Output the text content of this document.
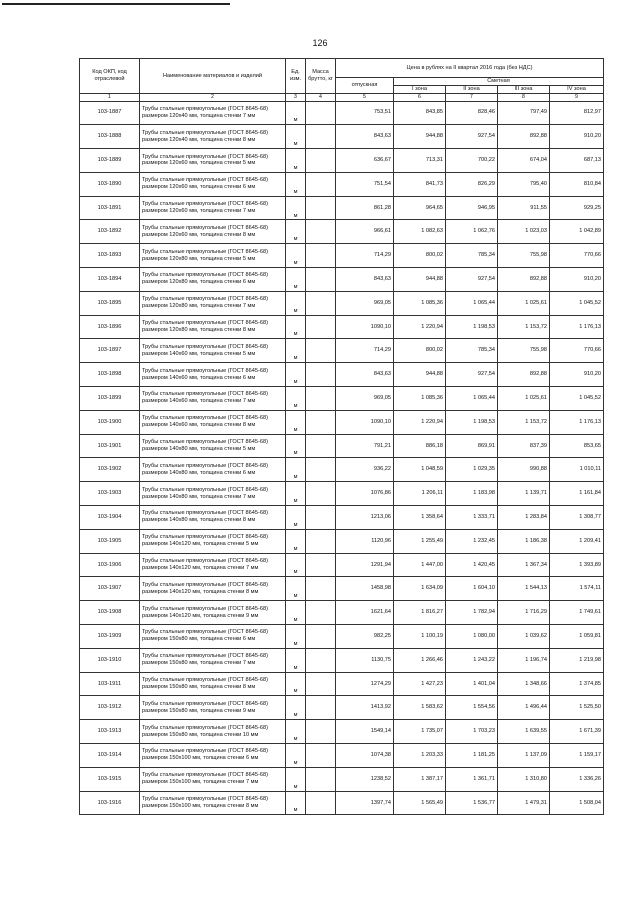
126
Код ОКП, код отраслевой	Наименование материалов и изделий	Ед. изм.	Масса брутто, кг	Цена в рублях на II квартал 2016 года (без НДС)				
				отпускная	Сметная			
					I зона	II зона	III зона	IV зона
1	2	3	4	5	6	7	8	9
103-1887	Трубы стальные прямоугольные (ГОСТ 8645-68) размером 120х40 мм, толщина стенки 7 мм	м		753,51	843,85	828,46	797,49	812,97
103-1888	Трубы стальные прямоугольные (ГОСТ 8645-68) размером 120х40 мм, толщина стенки 8 мм	м		843,63	944,88	927,54	892,88	910,20
103-1889	Трубы стальные прямоугольные (ГОСТ 8645-68) размером 120х60 мм, толщина стенки 5 мм	м		636,67	713,31	700,22	674,04	687,13
103-1890	Трубы стальные прямоугольные (ГОСТ 8645-68) размером 120х60 мм, толщина стенки 6 мм	м		751,54	841,73	826,29	795,40	810,84
103-1891	Трубы стальные прямоугольные (ГОСТ 8645-68) размером 120х60 мм, толщина стенки 7 мм	м		861,28	964,65	946,95	911,55	929,25
103-1892	Трубы стальные прямоугольные (ГОСТ 8645-68) размером 120х60 мм, толщина стенки 8 мм	м		966,61	1 082,63	1 062,76	1 023,03	1 042,89
103-1893	Трубы стальные прямоугольные (ГОСТ 8645-68) размером 120х80 мм, толщина стенки 5 мм	м		714,29	800,02	785,34	755,98	770,66
103-1894	Трубы стальные прямоугольные (ГОСТ 8645-68) размером 120х80 мм, толщина стенки 6 мм	м		843,63	944,88	927,54	892,88	910,20
103-1895	Трубы стальные прямоугольные (ГОСТ 8645-68) размером 120х80 мм, толщина стенки 7 мм	м		969,05	1 085,36	1 065,44	1 025,61	1 045,52
103-1896	Трубы стальные прямоугольные (ГОСТ 8645-68) размером 120х80 мм, толщина стенки 8 мм	м		1090,10	1 220,94	1 198,53	1 153,72	1 176,13
103-1897	Трубы стальные прямоугольные (ГОСТ 8645-68) размером 140х60 мм, толщина стенки 5 мм	м		714,29	800,02	785,34	755,98	770,66
103-1898	Трубы стальные прямоугольные (ГОСТ 8645-68) размером 140х60 мм, толщина стенки 6 мм	м		843,63	944,88	927,54	892,88	910,20
103-1899	Трубы стальные прямоугольные (ГОСТ 8645-68) размером 140х60 мм, толщина стенки 7 мм	м		969,05	1 085,36	1 065,44	1 025,61	1 045,52
103-1900	Трубы стальные прямоугольные (ГОСТ 8645-68) размером 140х60 мм, толщина стенки 8 мм	м		1090,10	1 220,94	1 198,53	1 153,72	1 176,13
103-1901	Трубы стальные прямоугольные (ГОСТ 8645-68) размером 140х80 мм, толщина стенки 5 мм	м		791,21	886,18	869,91	837,39	853,65
103-1902	Трубы стальные прямоугольные (ГОСТ 8645-68) размером 140х80 мм, толщина стенки 6 мм	м		936,22	1 048,59	1 029,35	990,88	1 010,11
103-1903	Трубы стальные прямоугольные (ГОСТ 8645-68) размером 140х80 мм, толщина стенки 7 мм	м		1076,86	1 206,11	1 183,98	1 139,71	1 161,84
103-1904	Трубы стальные прямоугольные (ГОСТ 8645-68) размером 140х80 мм, толщина стенки 8 мм	м		1213,06	1 358,64	1 333,71	1 283,84	1 308,77
103-1905	Трубы стальные прямоугольные (ГОСТ 8645-68) размером 140х120 мм, толщина стенки 5 мм	м		1120,96	1 255,49	1 232,45	1 186,38	1 209,41
103-1906	Трубы стальные прямоугольные (ГОСТ 8645-68) размером 140х120 мм, толщина стенки 7 мм	м		1291,94	1 447,00	1 420,45	1 367,34	1 393,89
103-1907	Трубы стальные прямоугольные (ГОСТ 8645-68) размером 140х120 мм, толщина стенки 8 мм	м		1458,98	1 634,09	1 604,10	1 544,13	1 574,11
103-1908	Трубы стальные прямоугольные (ГОСТ 8645-68) размером 140х120 мм, толщина стенки 9 мм	м		1621,64	1 816,27	1 782,94	1 716,29	1 749,61
103-1909	Трубы стальные прямоугольные (ГОСТ 8645-68) размером 150х80 мм, толщина стенки 6 мм	м		982,25	1 100,19	1 080,00	1 039,62	1 059,81
103-1910	Трубы стальные прямоугольные (ГОСТ 8645-68) размером 150х80 мм, толщина стенки 7 мм	м		1130,75	1 266,46	1 243,22	1 196,74	1 219,98
103-1911	Трубы стальные прямоугольные (ГОСТ 8645-68) размером 150х80 мм, толщина стенки 8 мм	м		1274,29	1 427,23	1 401,04	1 348,66	1 374,85
103-1912	Трубы стальные прямоугольные (ГОСТ 8645-68) размером 150х80 мм, толщина стенки 9 мм	м		1413,92	1 583,62	1 554,56	1 496,44	1 525,50
103-1913	Трубы стальные прямоугольные (ГОСТ 8645-68) размером 150х80 мм, толщина стенки 10 мм	м		1549,14	1 735,07	1 703,23	1 639,55	1 671,39
103-1914	Трубы стальные прямоугольные (ГОСТ 8645-68) размером 150х100 мм, толщина стенки 6 мм	м		1074,38	1 203,33	1 181,25	1 137,09	1 159,17
103-1915	Трубы стальные прямоугольные (ГОСТ 8645-68) размером 150х100 мм, толщина стенки 7 мм	м		1238,52	1 387,17	1 361,71	1 310,80	1 336,26
103-1916	Трубы стальные прямоугольные (ГОСТ 8645-68) размером 150х100 мм, толщина стенки 8 мм	м		1397,74	1 565,49	1 536,77	1 479,31	1 508,04
